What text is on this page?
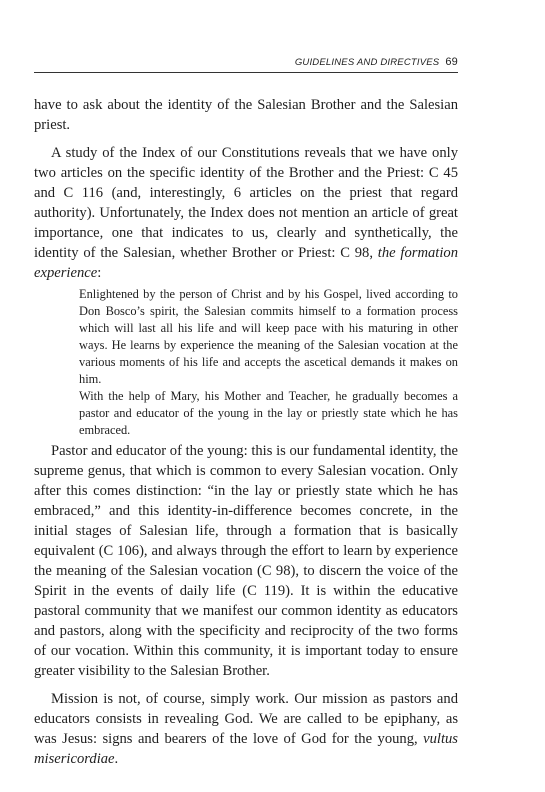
GUIDELINES AND DIRECTIVES 69

have to ask about the identity of the Salesian Brother and the Salesian priest.

A study of the Index of our Constitutions reveals that we have only two articles on the specific identity of the Brother and the Priest: C 45 and C 116 (and, interestingly, 6 articles on the priest that regard authority). Unfortunately, the Index does not mention an article of great importance, one that indicates to us, clearly and synthetically, the identity of the Salesian, whether Brother or Priest: C 98, the formation experience:

Enlightened by the person of Christ and by his Gospel, lived according to Don Bosco’s spirit, the Salesian commits himself to a formation process which will last all his life and will keep pace with his maturing in other ways. He learns by experience the meaning of the Salesian vocation at the various moments of his life and accepts the ascetical demands it makes on him.

With the help of Mary, his Mother and Teacher, he gradually becomes a pastor and educator of the young in the lay or priestly state which he has embraced.

Pastor and educator of the young: this is our fundamental identity, the supreme genus, that which is common to every Salesian vocation. Only after this comes distinction: “in the lay or priestly state which he has embraced,” and this identity-in-difference becomes concrete, in the initial stages of Salesian life, through a formation that is basically equivalent (C 106), and always through the effort to learn by experience the meaning of the Salesian vocation (C 98), to discern the voice of the Spirit in the events of daily life (C 119). It is within the educative pastoral community that we manifest our common identity as educators and pastors, along with the specificity and reciprocity of the two forms of our vocation. Within this community, it is important today to ensure greater visibility to the Salesian Brother.

Mission is not, of course, simply work. Our mission as pastors and educators consists in revealing God. We are called to be epiphany, as was Jesus: signs and bearers of the love of God for the young, vultus misericordiae.
